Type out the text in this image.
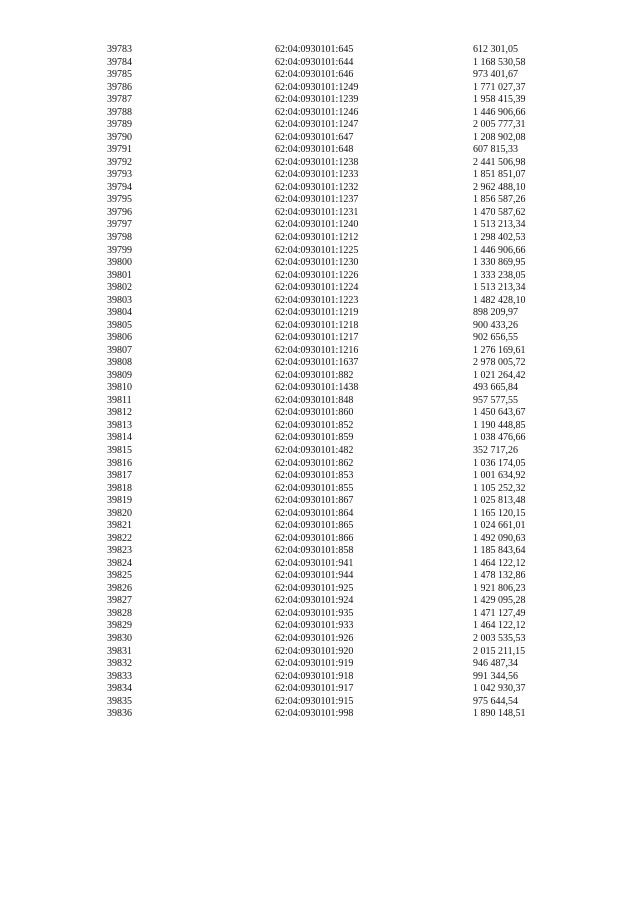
39783	62:04:0930101:645	612 301,05
39784	62:04:0930101:644	1 168 530,58
39785	62:04:0930101:646	973 401,67
39786	62:04:0930101:1249	1 771 027,37
39787	62:04:0930101:1239	1 958 415,39
39788	62:04:0930101:1246	1 446 906,66
39789	62:04:0930101:1247	2 005 777,31
39790	62:04:0930101:647	1 208 902,08
39791	62:04:0930101:648	607 815,33
39792	62:04:0930101:1238	2 441 506,98
39793	62:04:0930101:1233	1 851 851,07
39794	62:04:0930101:1232	2 962 488,10
39795	62:04:0930101:1237	1 856 587,26
39796	62:04:0930101:1231	1 470 587,62
39797	62:04:0930101:1240	1 513 213,34
39798	62:04:0930101:1212	1 298 402,53
39799	62:04:0930101:1225	1 446 906,66
39800	62:04:0930101:1230	1 330 869,95
39801	62:04:0930101:1226	1 333 238,05
39802	62:04:0930101:1224	1 513 213,34
39803	62:04:0930101:1223	1 482 428,10
39804	62:04:0930101:1219	898 209,97
39805	62:04:0930101:1218	900 433,26
39806	62:04:0930101:1217	902 656,55
39807	62:04:0930101:1216	1 276 169,61
39808	62:04:0930101:1637	2 978 005,72
39809	62:04:0930101:882	1 021 264,42
39810	62:04:0930101:1438	493 665,84
39811	62:04:0930101:848	957 577,55
39812	62:04:0930101:860	1 450 643,67
39813	62:04:0930101:852	1 190 448,85
39814	62:04:0930101:859	1 038 476,66
39815	62:04:0930101:482	352 717,26
39816	62:04:0930101:862	1 036 174,05
39817	62:04:0930101:853	1 001 634,92
39818	62:04:0930101:855	1 105 252,32
39819	62:04:0930101:867	1 025 813,48
39820	62:04:0930101:864	1 165 120,15
39821	62:04:0930101:865	1 024 661,01
39822	62:04:0930101:866	1 492 090,63
39823	62:04:0930101:858	1 185 843,64
39824	62:04:0930101:941	1 464 122,12
39825	62:04:0930101:944	1 478 132,86
39826	62:04:0930101:925	1 921 806,23
39827	62:04:0930101:924	1 429 095,28
39828	62:04:0930101:935	1 471 127,49
39829	62:04:0930101:933	1 464 122,12
39830	62:04:0930101:926	2 003 535,53
39831	62:04:0930101:920	2 015 211,15
39832	62:04:0930101:919	946 487,34
39833	62:04:0930101:918	991 344,56
39834	62:04:0930101:917	1 042 930,37
39835	62:04:0930101:915	975 644,54
39836	62:04:0930101:998	1 890 148,51
